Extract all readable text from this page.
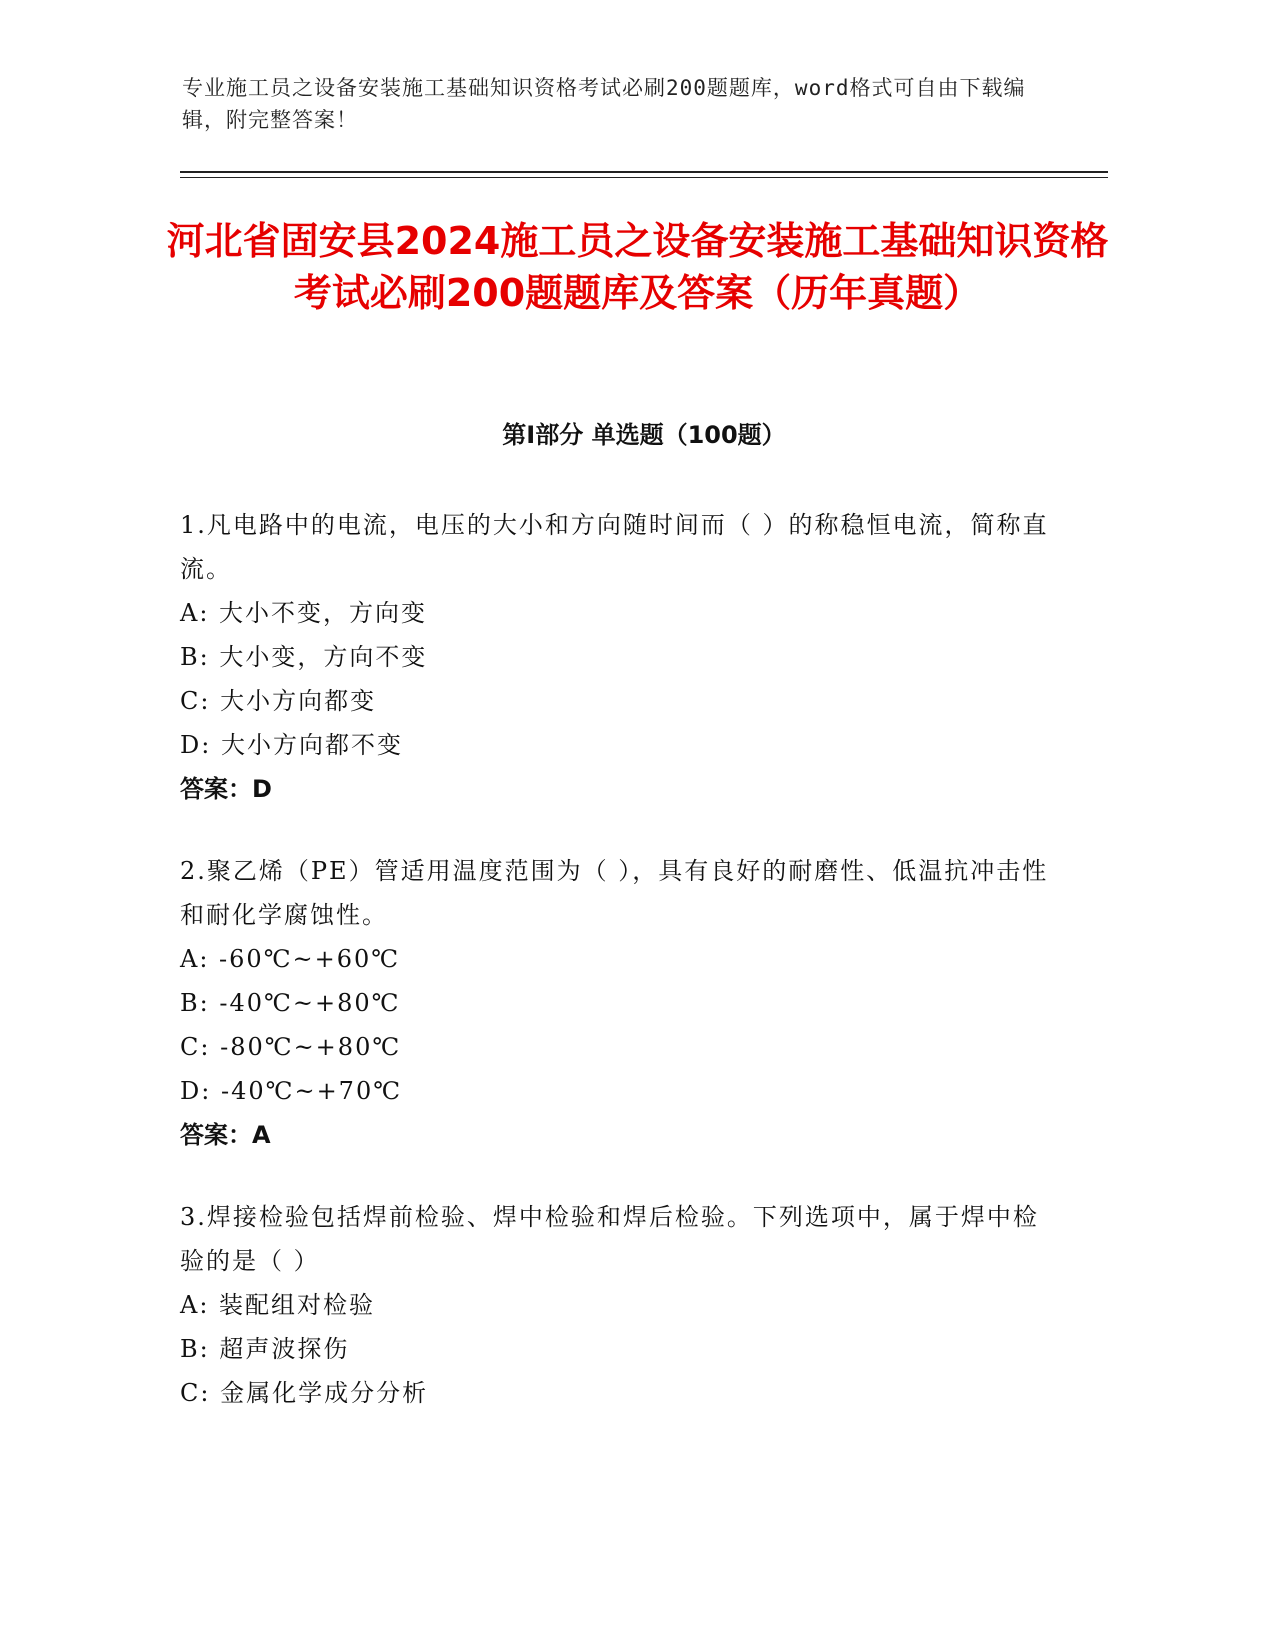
专业施工员之设备安装施工基础知识资格考试必刷200题题库，word格式可自由下载编辑，附完整答案！
河北省固安县2024施工员之设备安装施工基础知识资格考试必刷200题题库及答案（历年真题）
第Ⅰ部分 单选题（100题）
1.凡电路中的电流，电压的大小和方向随时间而（ ）的称稳恒电流，简称直流。
A: 大小不变，方向变
B: 大小变，方向不变
C: 大小方向都变
D: 大小方向都不变
答案：D
2.聚乙烯（PE）管适用温度范围为（ ），具有良好的耐磨性、低温抗冲击性和耐化学腐蚀性。
A: -60℃~+60℃
B: -40℃~+80℃
C: -80℃~+80℃
D: -40℃~+70℃
答案：A
3.焊接检验包括焊前检验、焊中检验和焊后检验。下列选项中，属于焊中检验的是（ ）
A: 装配组对检验
B: 超声波探伤
C: 金属化学成分分析
